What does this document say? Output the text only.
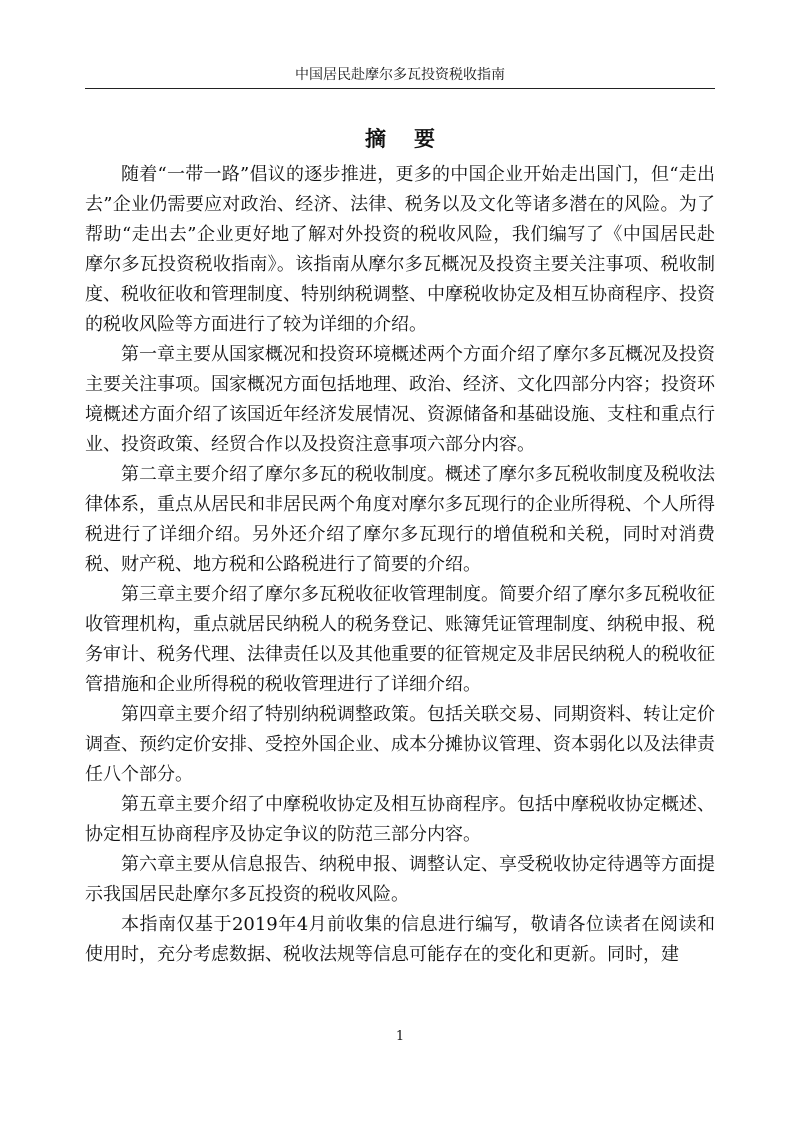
中国居民赴摩尔多瓦投资税收指南
摘要

随着“一带一路”倡议的逐步推进，更多的中国企业开始走出国门，但“走出去”企业仍需要应对政治、经济、法律、税务以及文化等诸多潜在的风险。为了帮助“走出去”企业更好地了解对外投资的税收风险，我们编写了《中国居民赴摩尔多瓦投资税收指南》。该指南从摩尔多瓦概况及投资主要关注事项、税收制度、税收征收和管理制度、特别纳税调整、中摩税收协定及相互协商程序、投资的税收风险等方面进行了较为详细的介绍。

第一章主要从国家概况和投资环境概述两个方面介绍了摩尔多瓦概况及投资主要关注事项。国家概况方面包括地理、政治、经济、文化四部分内容；投资环境概述方面介绍了该国近年经济发展情况、资源储备和基础设施、支柱和重点行业、投资政策、经贸合作以及投资注意事项六部分内容。

第二章主要介绍了摩尔多瓦的税收制度。概述了摩尔多瓦税收制度及税收法律体系，重点从居民和非居民两个角度对摩尔多瓦现行的企业所得税、个人所得税进行了详细介绍。另外还介绍了摩尔多瓦现行的增值税和关税，同时对消费税、财产税、地方税和公路税进行了简要的介绍。

第三章主要介绍了摩尔多瓦税收征收管理制度。简要介绍了摩尔多瓦税收征收管理机构，重点就居民纳税人的税务登记、账簿凭证管理制度、纳税申报、税务审计、税务代理、法律责任以及其他重要的征管规定及非居民纳税人的税收征管措施和企业所得税的税收管理进行了详细介绍。

第四章主要介绍了特别纳税调整政策。包括关联交易、同期资料、转让定价调查、预约定价安排、受控外国企业、成本分摊协议管理、资本弱化以及法律责任八个部分。

第五章主要介绍了中摩税收协定及相互协商程序。包括中摩税收协定概述、协定相互协商程序及协定争议的防范三部分内容。

第六章主要从信息报告、纳税申报、调整认定、享受税收协定待遇等方面提示我国居民赴摩尔多瓦投资的税收风险。

本指南仅基于2019年4月前收集的信息进行编写，敬请各位读者在阅读和使用时，充分考虑数据、税收法规等信息可能存在的变化和更新。同时，建

1
